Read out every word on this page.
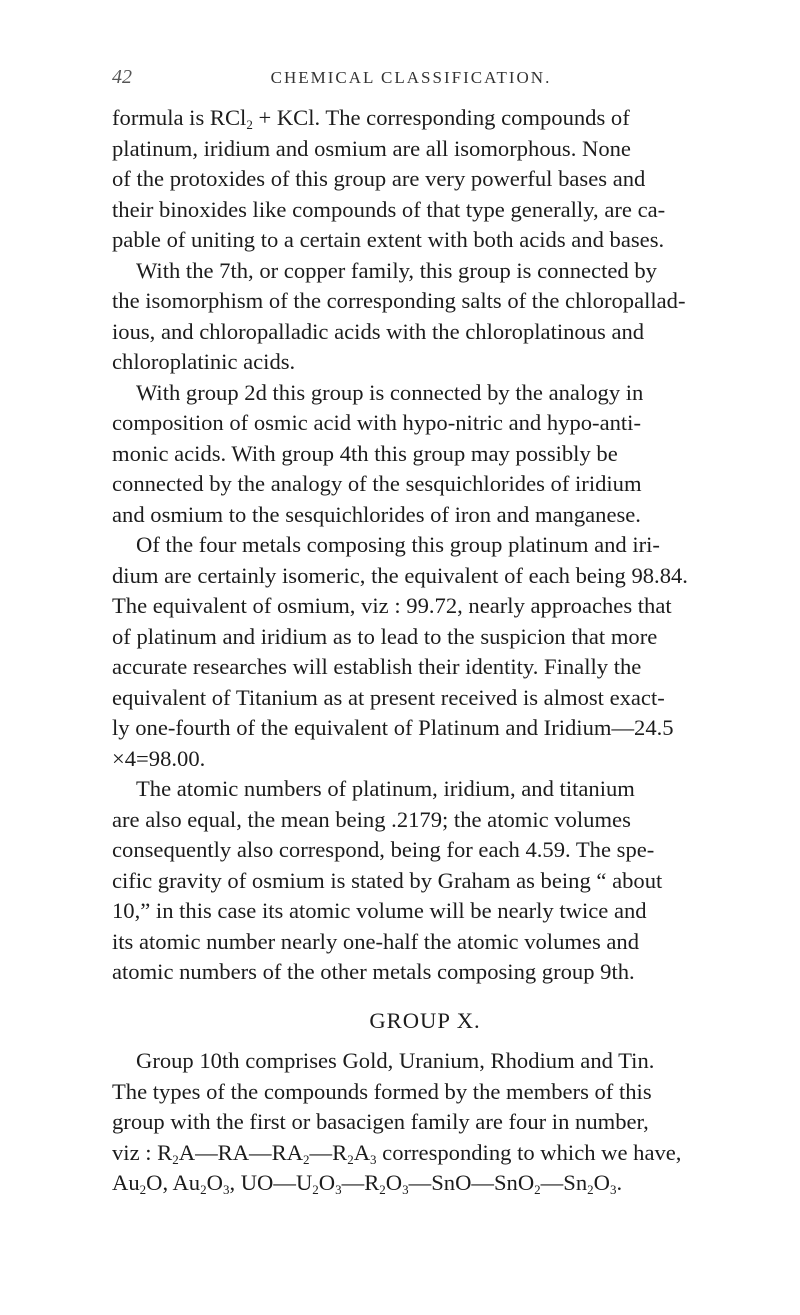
42	CHEMICAL CLASSIFICATION.
formula is RCl$_2$ + KCl. The corresponding compounds of
platinum, iridium and osmium are all isomorphous. None
of the protoxides of this group are very powerful bases and
their binoxides like compounds of that type generally, are ca-
pable of uniting to a certain extent with both acids and bases.
With the 7th, or copper family, this group is connected by
the isomorphism of the corresponding salts of the chloropallad-
ious, and chloropalladic acids with the chloroplatinous and
chloroplatinic acids.
With group 2d this group is connected by the analogy in
composition of osmic acid with hypo-nitric and hypo-anti-
monic acids. With group 4th this group may possibly be
connected by the analogy of the sesquichlorides of iridium
and osmium to the sesquichlorides of iron and manganese.
Of the four metals composing this group platinum and iri-
dium are certainly isomeric, the equivalent of each being 98.84.
The equivalent of osmium, viz : 99.72, nearly approaches that
of platinum and iridium as to lead to the suspicion that more
accurate researches will establish their identity. Finally the
equivalent of Titanium as at present received is almost exact-
ly one-fourth of the equivalent of Platinum and Iridium—24.5
×4=98.00.
The atomic numbers of platinum, iridium, and titanium
are also equal, the mean being .2179; the atomic volumes
consequently also correspond, being for each 4.59. The spe-
cific gravity of osmium is stated by Graham as being “ about
10,” in this case its atomic volume will be nearly twice and
its atomic number nearly one-half the atomic volumes and
atomic numbers of the other metals composing group 9th.
GROUP X.
Group 10th comprises Gold, Uranium, Rhodium and Tin.
The types of the compounds formed by the members of this
group with the first or basacigen family are four in number,
viz : $R_2A—RA—RA_2—R_2A_3$ corresponding to which we have,
$Au_2O$, $Au_2O_3$, $UO—U_2O_3—R_2O_3—SnO—SnO_2—Sn_2O_3$.
